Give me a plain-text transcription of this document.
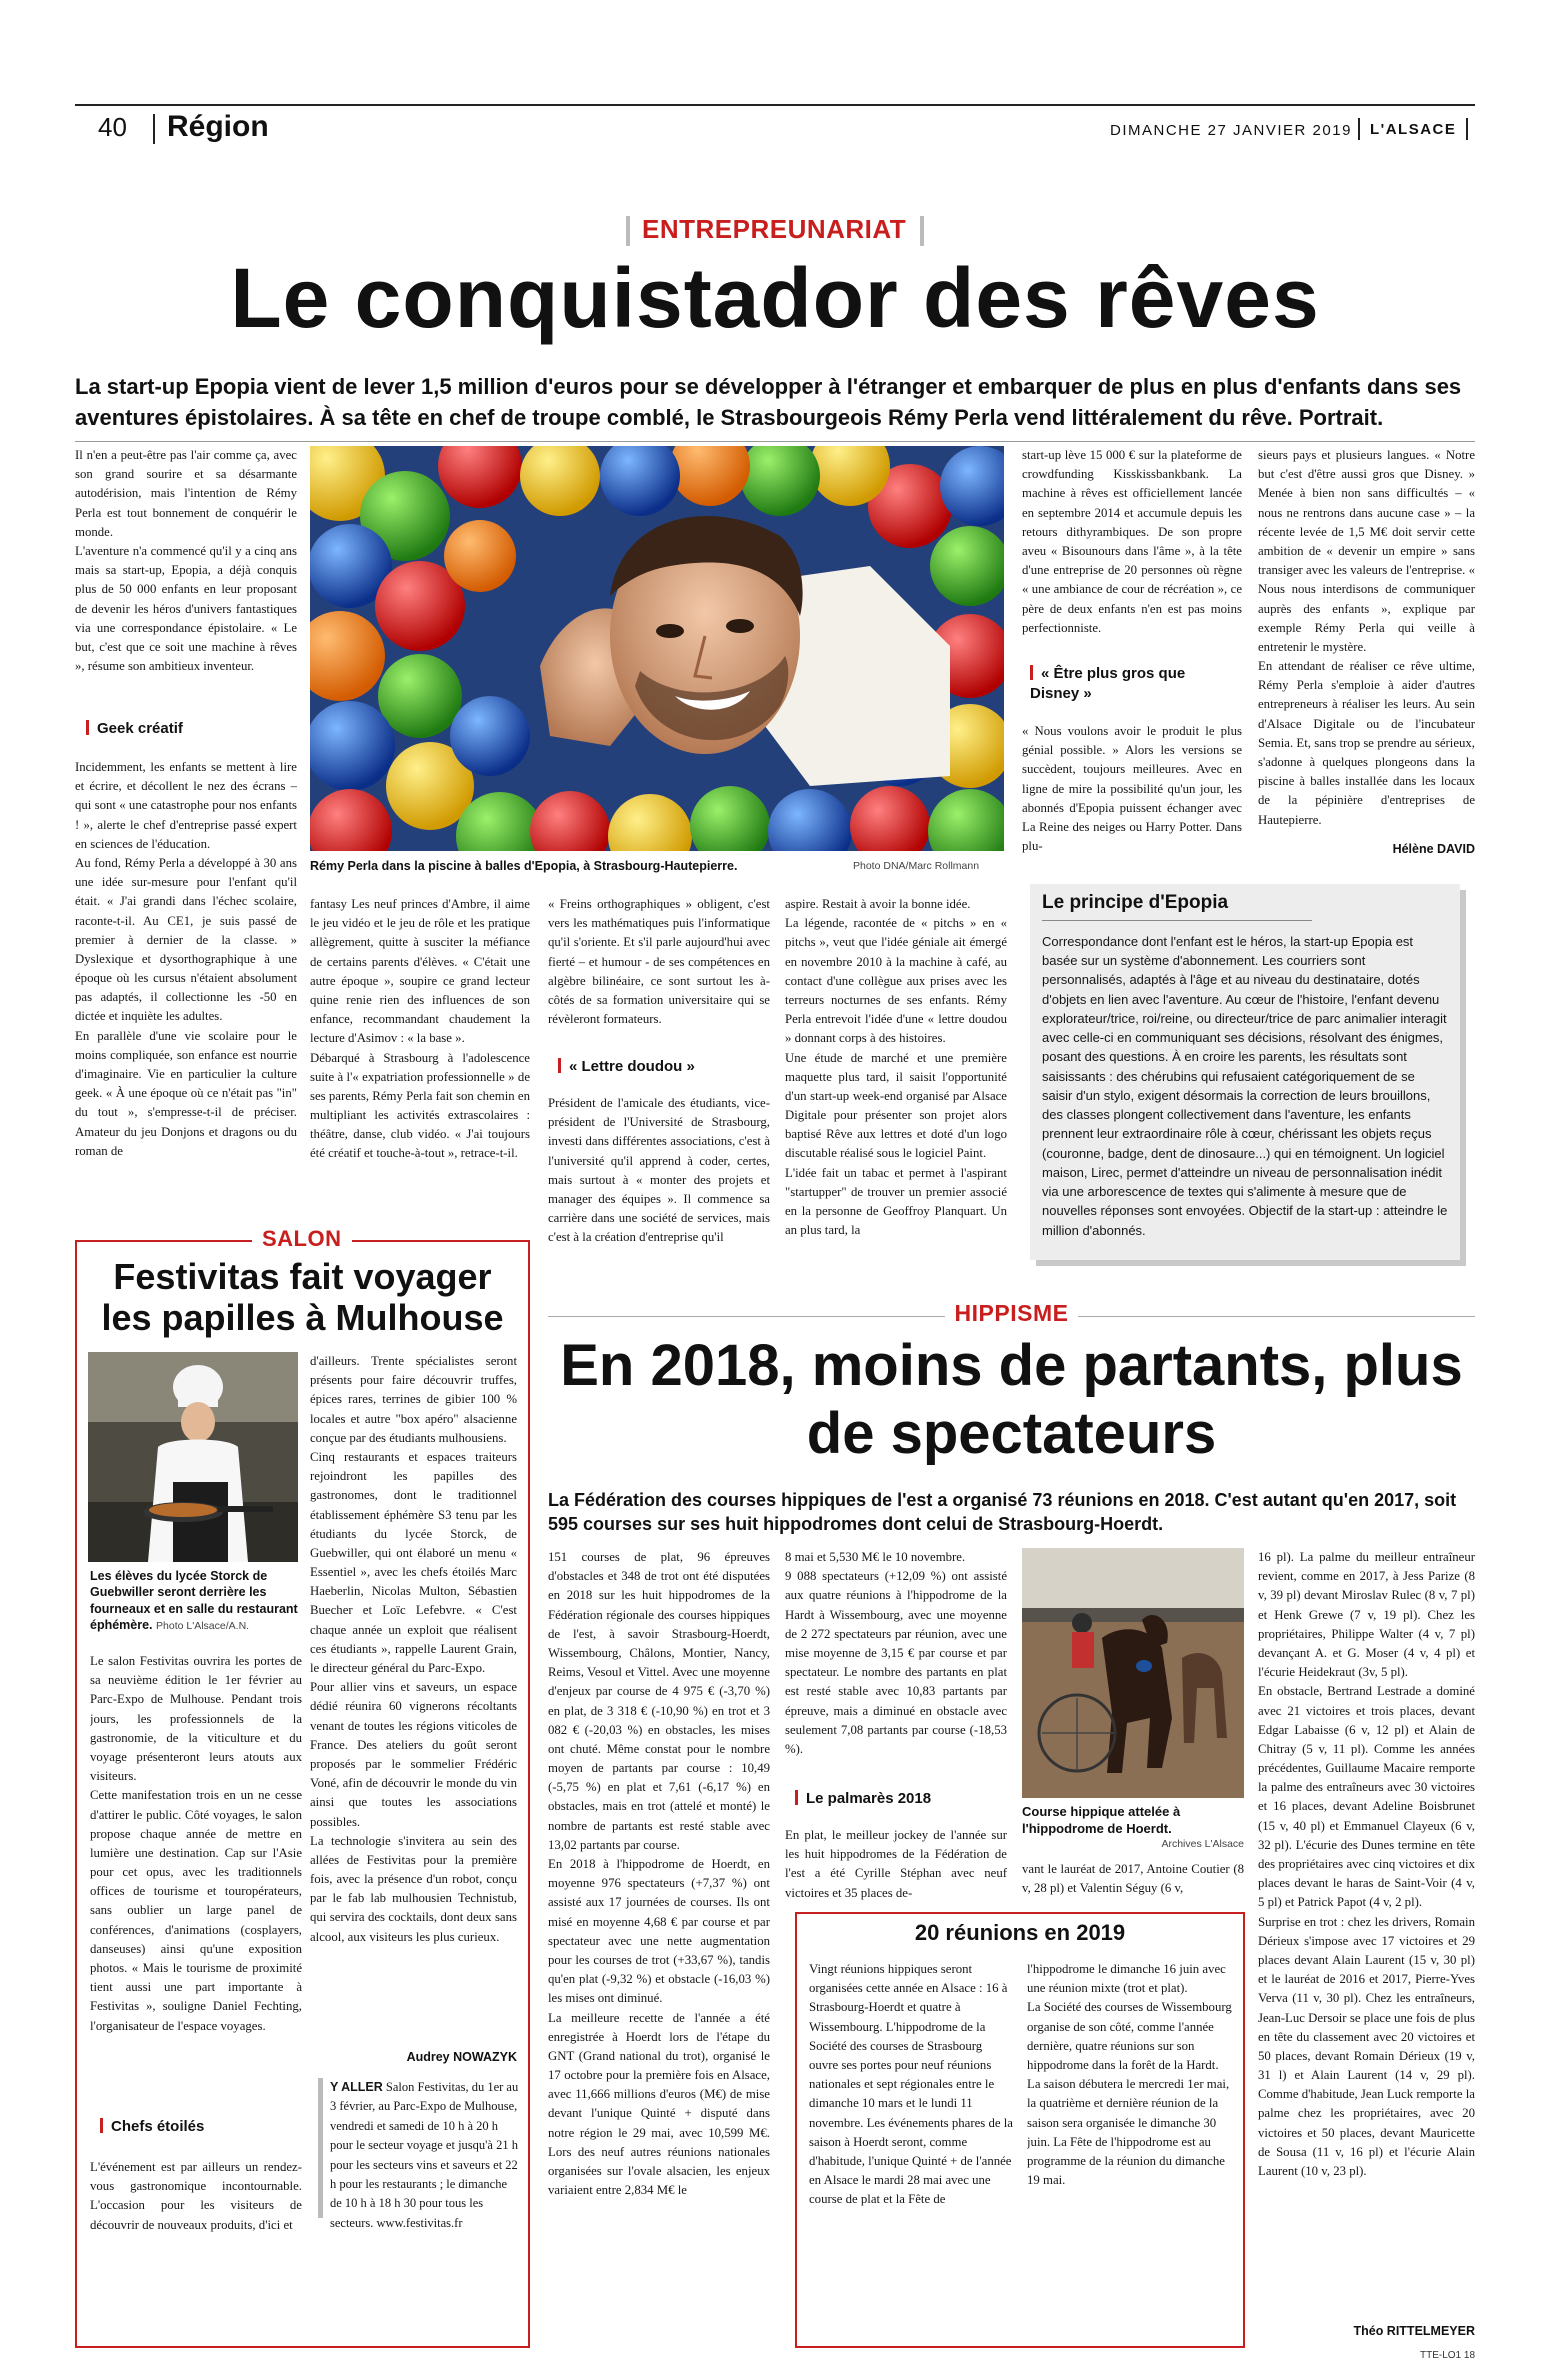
40 Région	DIMANCHE 27 JANVIER 2019 L'ALSACE
ENTREPREUNARIAT
Le conquistador des rêves

La start-up Epopia vient de lever 1,5 million d'euros pour se développer à l'étranger et embarquer de plus en plus d'enfants dans ses aventures épistolaires. À sa tête en chef de troupe comblé, le Strasbourgeois Rémy Perla vend littéralement du rêve. Portrait.

Il n'en a peut-être pas l'air comme ça, avec son grand sourire et sa désarmante autodérision, mais l'intention de Rémy Perla est tout bonnement de conquérir le monde.
L'aventure n'a commencé qu'il y a cinq ans mais sa start-up, Epopia, a déjà conquis plus de 50 000 enfants en leur proposant de devenir les héros d'univers fantastiques via une correspondance épistolaire. « Le but, c'est que ce soit une machine à rêves », résume son ambitieux inventeur.
Geek créatif
Incidemment, les enfants se mettent à lire et écrire, et décollent le nez des écrans – qui sont « une catastrophe pour nos enfants ! », alerte le chef d'entreprise passé expert en sciences de l'éducation.
Au fond, Rémy Perla a développé à 30 ans une idée sur-mesure pour l'enfant qu'il était. « J'ai grandi dans l'échec scolaire, raconte-t-il. Au CE1, je suis passé de premier à dernier de la classe. » Dyslexique et dysorthographique à une époque où les cursus n'étaient absolument pas adaptés, il collectionne les -50 en dictée et inquiète les adultes.
En parallèle d'une vie scolaire pour le moins compliquée, son enfance est nourrie d'imaginaire. Vie en particulier la culture geek. « À une époque où ce n'était pas "in" du tout », s'empresse-t-il de préciser. Amateur du jeu Donjons et dragons ou du roman de
Rémy Perla dans la piscine à balles d'Epopia, à Strasbourg-Hautepierre.	Photo DNA/Marc Rollmann
fantasy Les neuf princes d'Ambre, il aime le jeu vidéo et le jeu de rôle et les pratique allègrement, quitte à susciter la méfiance de certains parents d'élèves. « C'était une autre époque », soupire ce grand lecteur quine renie rien des influences de son enfance, recommandant chaudement la lecture d'Asimov : « la base ».
Débarqué à Strasbourg à l'adolescence suite à l'« expatriation professionnelle » de ses parents, Rémy Perla fait son chemin en multipliant les activités extrascolaires : théâtre, danse, club vidéo. « J'ai toujours été créatif et touche-à-tout », retrace-t-il.
« Freins orthographiques » obligent, c'est vers les mathématiques puis l'informatique qu'il s'oriente. Et s'il parle aujourd'hui avec fierté – et humour - de ses compétences en algèbre bilinéaire, ce sont surtout les à-côtés de sa formation universitaire qui se révèleront formateurs.
« Lettre doudou »
Président de l'amicale des étudiants, vice-président de l'Université de Strasbourg, investi dans différentes associations, c'est à l'université qu'il apprend à coder, certes, mais surtout à « monter des projets et manager des équipes ». Il commence sa carrière dans une société de services, mais c'est à la création d'entreprise qu'il
aspire. Restait à avoir la bonne idée.
La légende, racontée de « pitchs » en « pitchs », veut que l'idée géniale ait émergé en novembre 2010 à la machine à café, au contact d'une collègue aux prises avec les terreurs nocturnes de ses enfants. Rémy Perla entrevoit l'idée d'une « lettre doudou » donnant corps à des histoires.
Une étude de marché et une première maquette plus tard, il saisit l'opportunité d'un start-up week-end organisé par Alsace Digitale pour présenter son projet alors baptisé Rêve aux lettres et doté d'un logo discutable réalisé sous le logiciel Paint.
L'idée fait un tabac et permet à l'aspirant "startupper" de trouver un premier associé en la personne de Geoffroy Planquart. Un an plus tard, la
start-up lève 15 000 € sur la plateforme de crowdfunding Kisskissbankbank. La machine à rêves est officiellement lancée en septembre 2014 et accumule depuis les retours dithyrambiques. De son propre aveu « Bisounours dans l'âme », à la tête d'une entreprise de 20 personnes où règne « une ambiance de cour de récréation », ce père de deux enfants n'en est pas moins perfectionniste.
« Être plus gros que Disney »
« Nous voulons avoir le produit le plus génial possible. » Alors les versions se succèdent, toujours meilleures. Avec en ligne de mire la possibilité qu'un jour, les abonnés d'Epopia puissent échanger avec La Reine des neiges ou Harry Potter. Dans plu-
sieurs pays et plusieurs langues. « Notre but c'est d'être aussi gros que Disney. » Menée à bien non sans difficultés – « nous ne rentrons dans aucune case » – la récente levée de 1,5 M€ doit servir cette ambition de « devenir un empire » sans transiger avec les valeurs de l'entreprise. « Nous nous interdisons de communiquer auprès des enfants », explique par exemple Rémy Perla qui veille à entretenir le mystère.
En attendant de réaliser ce rêve ultime, Rémy Perla s'emploie à aider d'autres entrepreneurs à réaliser les leurs. Au sein d'Alsace Digitale ou de l'incubateur Semia. Et, sans trop se prendre au sérieux, s'adonne à quelques plongeons dans la piscine à balles installée dans les locaux de la pépinière d'entreprises de Hautepierre.
Hélène DAVID
Le principe d'Epopia
Correspondance dont l'enfant est le héros, la start-up Epopia est basée sur un système d'abonnement. Les courriers sont personnalisés, adaptés à l'âge et au niveau du destinataire, dotés d'objets en lien avec l'aventure. Au cœur de l'histoire, l'enfant devenu explorateur/trice, roi/reine, ou directeur/trice de parc animalier interagit avec celle-ci en communiquant ses décisions, résolvant des énigmes, posant des questions. À en croire les parents, les résultats sont saisissants : des chérubins qui refusaient catégoriquement de se saisir d'un stylo, exigent désormais la correction de leurs brouillons, des classes plongent collectivement dans l'aventure, les enfants prennent leur extraordinaire rôle à cœur, chérissant les objets reçus (couronne, badge, dent de dinosaure...) qui en témoignent. Un logiciel maison, Lirec, permet d'atteindre un niveau de personnalisation inédit via une arborescence de textes qui s'alimente à mesure que de nouvelles réponses sont envoyées. Objectif de la start-up : atteindre le million d'abonnés.
SALON
Festivitas fait voyager les papilles à Mulhouse
Les élèves du lycée Storck de Guebwiller seront derrière les fourneaux et en salle du restaurant éphémère. Photo L'Alsace/A.N.
Le salon Festivitas ouvrira les portes de sa neuvième édition le 1er février au Parc-Expo de Mulhouse. Pendant trois jours, les professionnels de la gastronomie, de la viticulture et du voyage présenteront leurs atouts aux visiteurs.
Cette manifestation trois en un ne cesse d'attirer le public. Côté voyages, le salon propose chaque année de mettre en lumière une destination. Cap sur l'Asie pour cet opus, avec les traditionnels offices de tourisme et touropérateurs, sans oublier un large panel de conférences, d'animations (cosplayers, danseuses) ainsi qu'une exposition photos. « Mais le tourisme de proximité tient aussi une part importante à Festivitas », souligne Daniel Fechting, l'organisateur de l'espace voyages.
Chefs étoilés
L'événement est par ailleurs un rendez-vous gastronomique incontournable. L'occasion pour les visiteurs de découvrir de nouveaux produits, d'ici et
d'ailleurs. Trente spécialistes seront présents pour faire découvrir truffes, épices rares, terrines de gibier 100 % locales et autre "box apéro" alsacienne conçue par des étudiants mulhousiens.
Cinq restaurants et espaces traiteurs rejoindront les papilles des gastronomes, dont le traditionnel établissement éphémère S3 tenu par les étudiants du lycée Storck, de Guebwiller, qui ont élaboré un menu « Essentiel », avec les chefs étoilés Marc Haeberlin, Nicolas Multon, Sébastien Buecher et Loïc Lefebvre. « C'est chaque année un exploit que réalisent ces étudiants », rappelle Laurent Grain, le directeur général du Parc-Expo.
Pour allier vins et saveurs, un espace dédié réunira 60 vignerons récoltants venant de toutes les régions viticoles de France. Des ateliers du goût seront proposés par le sommelier Frédéric Voné, afin de découvrir le monde du vin ainsi que toutes les associations possibles.
La technologie s'invitera au sein des allées de Festivitas pour la première fois, avec la présence d'un robot, conçu par le fab lab mulhousien Technistub, qui servira des cocktails, dont deux sans alcool, aux visiteurs les plus curieux.
Audrey NOWAZYK
Y ALLER Salon Festivitas, du 1er au 3 février, au Parc-Expo de Mulhouse, vendredi et samedi de 10 h à 20 h pour le secteur voyage et jusqu'à 21 h pour les secteurs vins et saveurs et 22 h pour les restaurants ; le dimanche de 10 h à 18 h 30 pour tous les secteurs. www.festivitas.fr
HIPPISME
En 2018, moins de partants, plus de spectateurs

La Fédération des courses hippiques de l'est a organisé 73 réunions en 2018. C'est autant qu'en 2017, soit 595 courses sur ses huit hippodromes dont celui de Strasbourg-Hoerdt.

151 courses de plat, 96 épreuves d'obstacles et 348 de trot ont été disputées en 2018 sur les huit hippodromes de la Fédération régionale des courses hippiques de l'est, à savoir Strasbourg-Hoerdt, Wissembourg, Châlons, Montier, Nancy, Reims, Vesoul et Vittel. Avec une moyenne d'enjeux par course de 4 975 € (-3,70 %) en plat, de 3 318 € (-10,90 %) en trot et 3 082 € (-20,03 %) en obstacles, les mises ont chuté. Même constat pour le nombre moyen de partants par course : 10,49 (-5,75 %) en plat et 7,61 (-6,17 %) en obstacles, mais en trot (attelé et monté) le nombre de partants est resté stable avec 13,02 partants par course.
En 2018 à l'hippodrome de Hoerdt, en moyenne 976 spectateurs (+7,37 %) ont assisté aux 17 journées de courses. Ils ont misé en moyenne 4,68 € par course et par spectateur avec une nette augmentation pour les courses de trot (+33,67 %), tandis qu'en plat (-9,32 %) et obstacle (-16,03 %) les mises ont diminué.
La meilleure recette de l'année a été enregistrée à Hoerdt lors de l'étape du GNT (Grand national du trot), organisé le 17 octobre pour la première fois en Alsace, avec 11,666 millions d'euros (M€) de mise devant l'unique Quinté + disputé dans notre région le 29 mai, avec 10,599 M€. Lors des neuf autres réunions nationales organisées sur l'ovale alsacien, les enjeux variaient entre 2,834 M€ le
8 mai et 5,530 M€ le 10 novembre.
9 088 spectateurs (+12,09 %) ont assisté aux quatre réunions à l'hippodrome de la Hardt à Wissembourg, avec une moyenne de 2 272 spectateurs par réunion, avec une mise moyenne de 3,15 € par course et par spectateur. Le nombre des partants en plat est resté stable avec 10,83 partants par épreuve, mais a diminué en obstacle avec seulement 7,08 partants par course (-18,53 %).
Le palmarès 2018
En plat, le meilleur jockey de l'année sur les huit hippodromes de la Fédération de l'est a été Cyrille Stéphan avec neuf victoires et 35 places de-
Course hippique attelée à l'hippodrome de Hoerdt.
Archives L'Alsace
vant le lauréat de 2017, Antoine Coutier (8 v, 28 pl) et Valentin Séguy (6 v,
16 pl). La palme du meilleur entraîneur revient, comme en 2017, à Jess Parize (8 v, 39 pl) devant Miroslav Rulec (8 v, 7 pl) et Henk Grewe (7 v, 19 pl). Chez les propriétaires, Philippe Walter (4 v, 7 pl) devançant A. et G. Moser (4 v, 4 pl) et l'écurie Heidekraut (3v, 5 pl).
En obstacle, Bertrand Lestrade a dominé avec 21 victoires et trois places, devant Edgar Labaisse (6 v, 12 pl) et Alain de Chitray (5 v, 11 pl). Comme les années précédentes, Guillaume Macaire remporte la palme des entraîneurs avec 30 victoires et 16 places, devant Adeline Boisbrunet (15 v, 40 pl) et Emmanuel Clayeux (6 v, 32 pl). L'écurie des Dunes termine en tête des propriétaires avec cinq victoires et dix places devant le haras de Saint-Voir (4 v, 5 pl) et Patrick Papot (4 v, 2 pl).
Surprise en trot : chez les drivers, Romain Dérieux s'impose avec 17 victoires et 29 places devant Alain Laurent (15 v, 30 pl) et le lauréat de 2016 et 2017, Pierre-Yves Verva (11 v, 30 pl). Chez les entraîneurs, Jean-Luc Dersoir se place une fois de plus en tête du classement avec 20 victoires et 50 places, devant Romain Dérieux (19 v, 31 l) et Alain Laurent (14 v, 29 pl). Comme d'habitude, Jean Luck remporte la palme chez les propriétaires, avec 20 victoires et 50 places, devant Mauricette de Sousa (11 v, 16 pl) et l'écurie Alain Laurent (10 v, 23 pl).
Théo RITTELMEYER
20 réunions en 2019
Vingt réunions hippiques seront organisées cette année en Alsace : 16 à Strasbourg-Hoerdt et quatre à Wissembourg. L'hippodrome de la Société des courses de Strasbourg ouvre ses portes pour neuf réunions nationales et sept régionales entre le dimanche 10 mars et le lundi 11 novembre. Les événements phares de la saison à Hoerdt seront, comme d'habitude, l'unique Quinté + de l'année en Alsace le mardi 28 mai avec une course de plat et la Fête de
l'hippodrome le dimanche 16 juin avec une réunion mixte (trot et plat).
La Société des courses de Wissembourg organise de son côté, comme l'année dernière, quatre réunions sur son hippodrome dans la forêt de la Hardt. La saison débutera le mercredi 1er mai, la quatrième et dernière réunion de la saison sera organisée le dimanche 30 juin. La Fête de l'hippodrome est au programme de la réunion du dimanche 19 mai.
TTE-LO1 18
